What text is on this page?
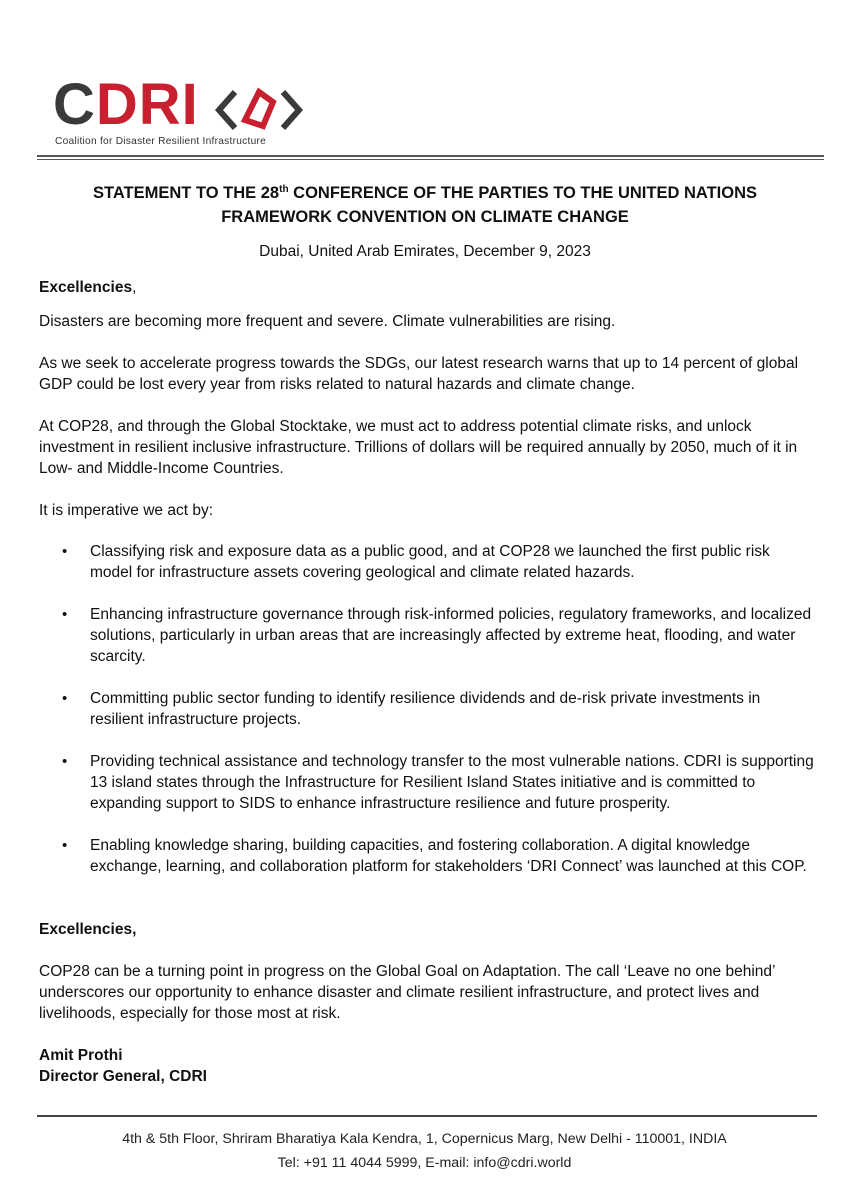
CDRI
Coalition for Disaster Resilient Infrastructure
STATEMENT TO THE 28th CONFERENCE OF THE PARTIES TO THE UNITED NATIONS
FRAMEWORK CONVENTION ON CLIMATE CHANGE
Dubai, United Arab Emirates, December 9, 2023
Excellencies,
Disasters are becoming more frequent and severe. Climate vulnerabilities are rising.
As we seek to accelerate progress towards the SDGs, our latest research warns that up to 14 percent of global GDP could be lost every year from risks related to natural hazards and climate change.
At COP28, and through the Global Stocktake, we must act to address potential climate risks, and unlock investment in resilient inclusive infrastructure. Trillions of dollars will be required annually by 2050, much of it in Low- and Middle-Income Countries.
It is imperative we act by:
• Classifying risk and exposure data as a public good, and at COP28 we launched the first public risk model for infrastructure assets covering geological and climate related hazards.
• Enhancing infrastructure governance through risk-informed policies, regulatory frameworks, and localized solutions, particularly in urban areas that are increasingly affected by extreme heat, flooding, and water scarcity.
• Committing public sector funding to identify resilience dividends and de-risk private investments in resilient infrastructure projects.
• Providing technical assistance and technology transfer to the most vulnerable nations. CDRI is supporting 13 island states through the Infrastructure for Resilient Island States initiative and is committed to expanding support to SIDS to enhance infrastructure resilience and future prosperity.
• Enabling knowledge sharing, building capacities, and fostering collaboration. A digital knowledge exchange, learning, and collaboration platform for stakeholders ‘DRI Connect’ was launched at this COP.
Excellencies,
COP28 can be a turning point in progress on the Global Goal on Adaptation. The call ‘Leave no one behind’ underscores our opportunity to enhance disaster and climate resilient infrastructure, and protect lives and livelihoods, especially for those most at risk.
Amit Prothi
Director General, CDRI
4th & 5th Floor, Shriram Bharatiya Kala Kendra, 1, Copernicus Marg, New Delhi - 110001, INDIA
Tel: +91 11 4044 5999, E-mail: info@cdri.world
